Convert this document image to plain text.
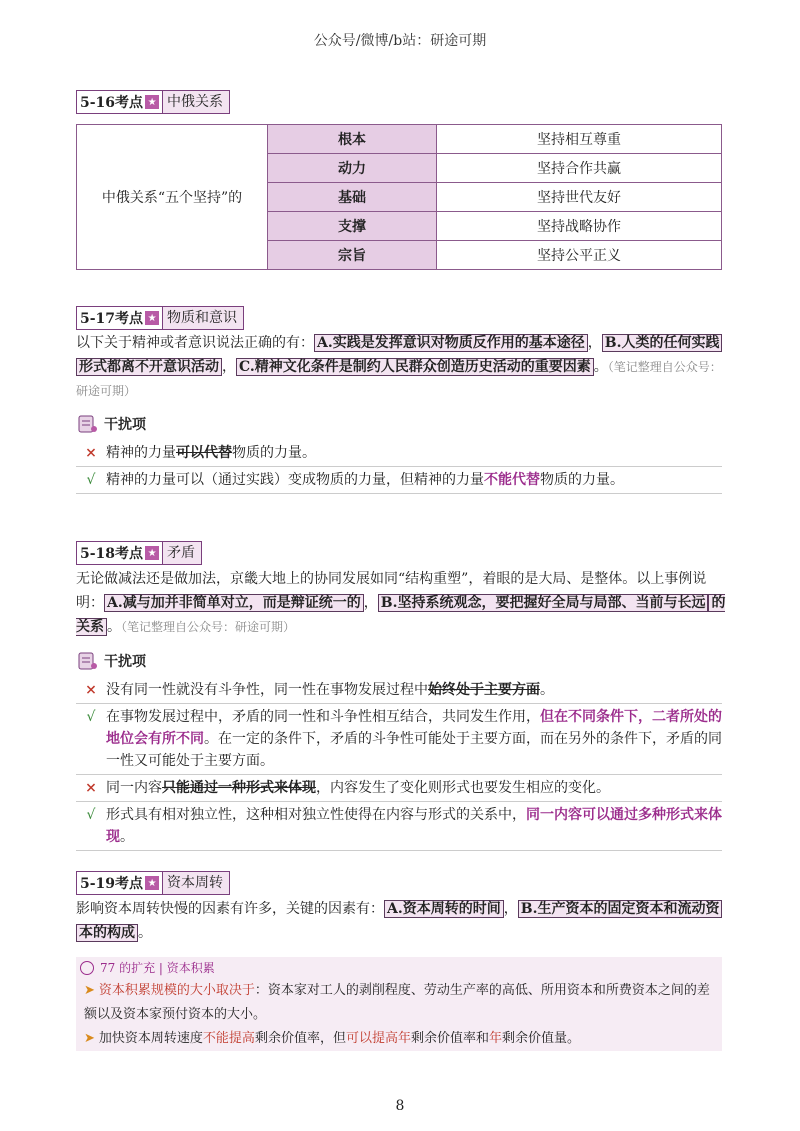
公众号/微博/b站：研途可期
5-16考点 ★ 中俄关系
中俄关系“五个坚持”的	根本	坚持相互尊重
	动力	坚持合作共赢
	基础	坚持世代友好
	支撑	坚持战略协作
	宗旨	坚持公平正义
5-17考点 ★ 物质和意识
以下关于精神或者意识说法正确的有： A.实践是发挥意识对物质反作用的基本途径 ， B.人类的任何实践
形式都离不开意识活动 ， C.精神文化条件是制约人民群众创造历史活动的重要因素 。（笔记整理自公众号：研途可期）
干扰项
× 精神的力量可以代替物质的力量。
√ 精神的力量可以（通过实践）变成物质的力量，但精神的力量不能代替物质的力量。
5-18考点 ★ 矛盾
无论做减法还是做加法，京畿大地上的协同发展如同“结构重塑”，着眼的是大局、是整体。以上事例说明： A.减与加并非简单对立，而是辩证统一的 ， B.坚持系统观念，要把握好全局与局部、当前与长远 的关系 。（笔记整理自公众号：研途可期）
干扰项
× 没有同一性就没有斗争性，同一性在事物发展过程中始终处于主要方面。
√ 在事物发展过程中，矛盾的同一性和斗争性相互结合，共同发生作用，但在不同条件下，二者所处的地位会有所不同。在一定的条件下，矛盾的斗争性可能处于主要方面，而在另外的条件下，矛盾的同一性又可能处于主要方面。
× 同一内容只能通过一种形式来体现，内容发生了变化则形式也要发生相应的变化。
√ 形式具有相对独立性，这种相对独立性使得在内容与形式的关系中，同一内容可以通过多种形式来体现。
5-19考点 ★ 资本周转
影响资本周转快慢的因素有许多，关键的因素有： A.资本周转的时间 ， B.生产资本的固定资本和流动资
本的构成 。
77 的扩充 | 资本积累
➤ 资本积累规模的大小取决于：资本家对工人的剥削程度、劳动生产率的高低、所用资本和所费资本之间的差额以及资本家预付资本的大小。
➤ 加快资本周转速度不能提高剩余价值率，但可以提高年剩余价值率和年剩余价值量。
8
